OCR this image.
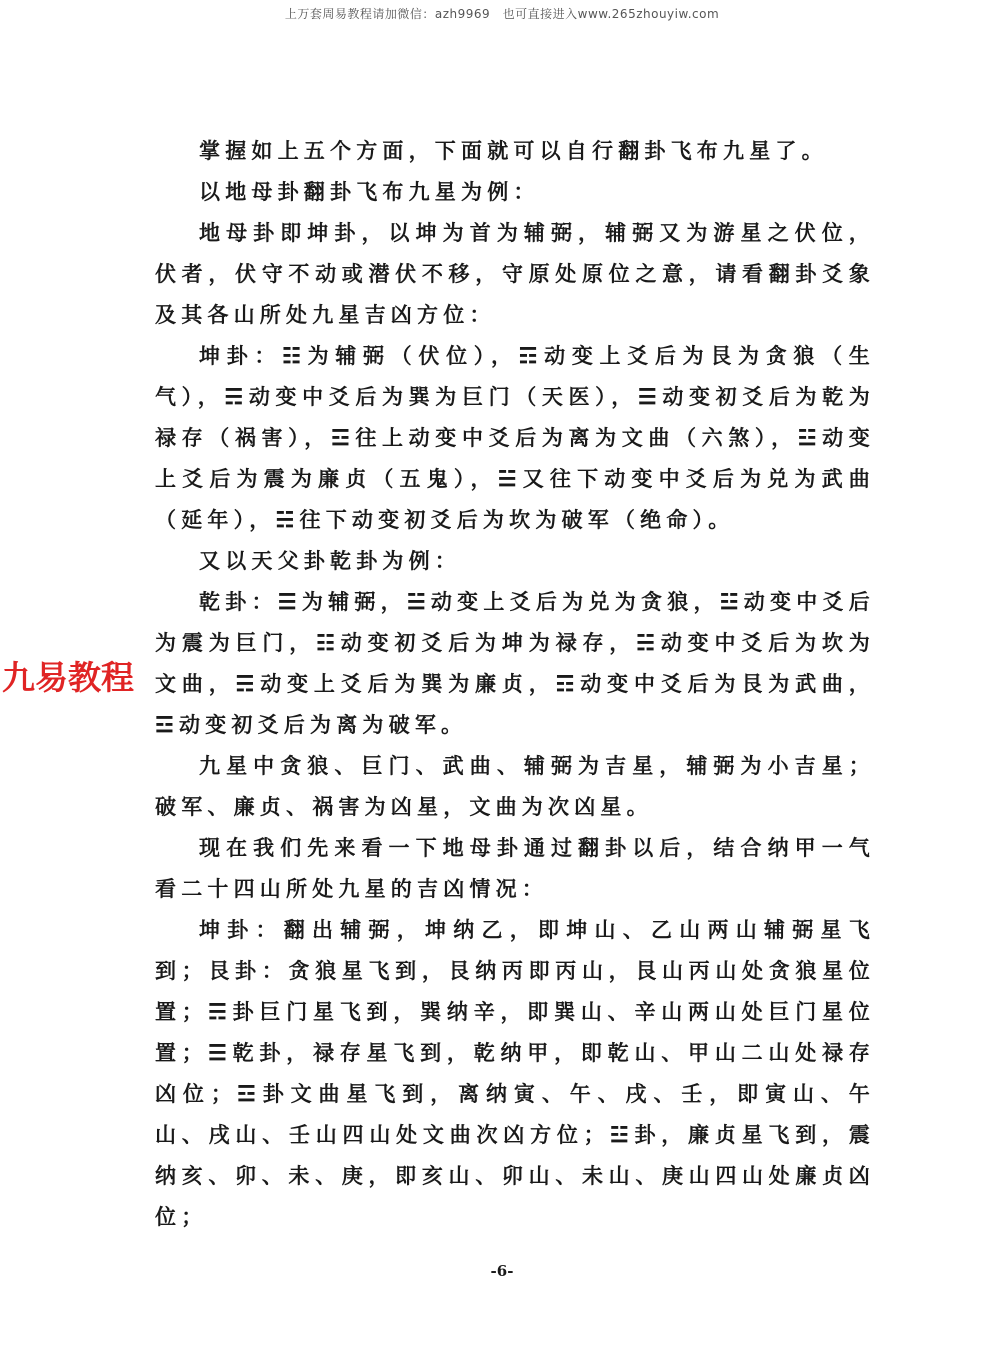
上万套周易教程请加微信：azh9969　也可直接进入www.265zhouyiw.com
九易教程

掌握如上五个方面，下面就可以自行翻卦飞布九星了。

以地母卦翻卦飞布九星为例：

地母卦即坤卦，以坤为首为辅弼，辅弼又为游星之伏位，伏者，伏守不动或潜伏不移，守原处原位之意，请看翻卦爻象及其各山所处九星吉凶方位：

坤卦：☷为辅弼（伏位），☶动变上爻后为艮为贪狼（生气），☴动变中爻后为巽为巨门（天医），☰动变初爻后为乾为禄存（祸害），☲往上动变中爻后为离为文曲（六煞），☳动变上爻后为震为廉贞（五鬼），☱又往下动变中爻后为兑为武曲（延年），☵往下动变初爻后为坎为破军（绝命）。

又以天父卦乾卦为例：

乾卦：☰为辅弼，☱动变上爻后为兑为贪狼，☳动变中爻后为震为巨门，☷动变初爻后为坤为禄存，☵动变中爻后为坎为文曲，☴动变上爻后为巽为廉贞，☶动变中爻后为艮为武曲，☲动变初爻后为离为破军。

九星中贪狼、巨门、武曲、辅弼为吉星，辅弼为小吉星；破军、廉贞、祸害为凶星，文曲为次凶星。

现在我们先来看一下地母卦通过翻卦以后，结合纳甲一气看二十四山所处九星的吉凶情况：

坤卦：翻出辅弼，坤纳乙，即坤山、乙山两山辅弼星飞到；艮卦：贪狼星飞到，艮纳丙即丙山，艮山丙山处贪狼星位置；☴卦巨门星飞到，巽纳辛，即巽山、辛山两山处巨门星位置；☰乾卦，禄存星飞到，乾纳甲，即乾山、甲山二山处禄存凶位；☲卦文曲星飞到，离纳寅、午、戌、壬，即寅山、午山、戌山、壬山四山处文曲次凶方位；☳卦，廉贞星飞到，震纳亥、卯、未、庚，即亥山、卯山、未山、庚山四山处廉贞凶位；

-6-
